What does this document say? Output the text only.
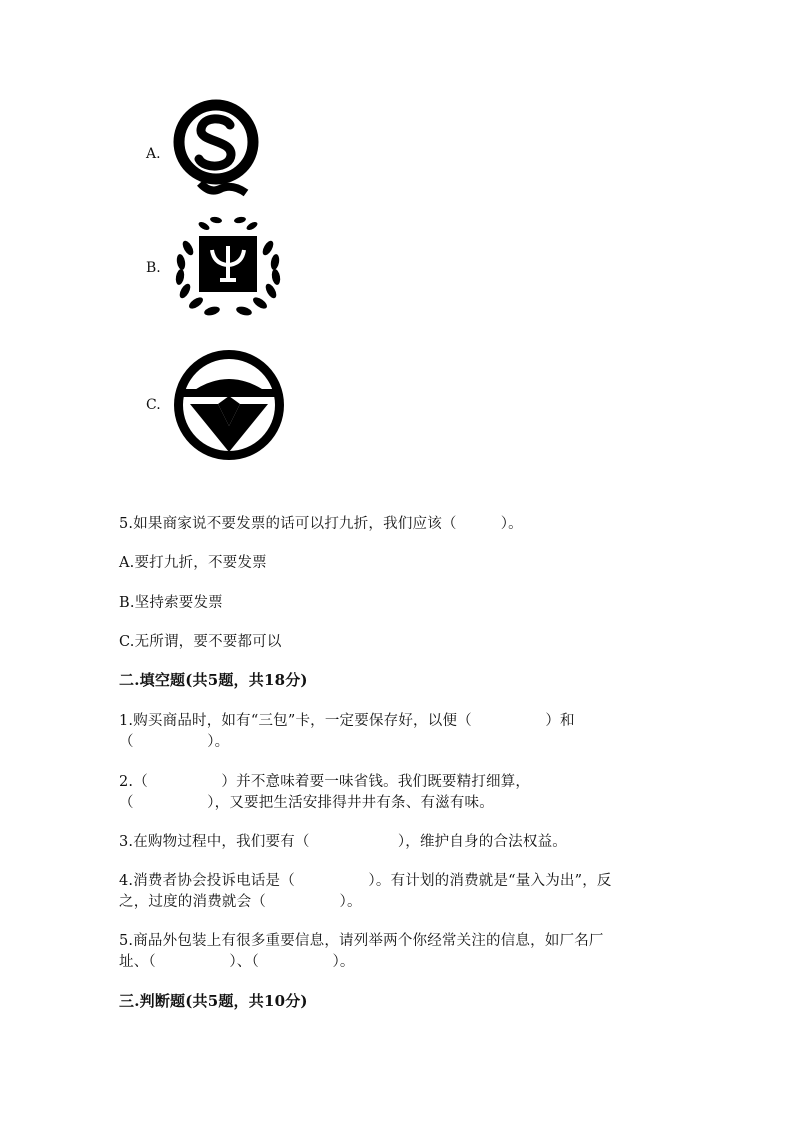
A.
B.
C.
5.如果商家说不要发票的话可以打九折，我们应该（　　　）。
A.要打九折，不要发票
B.坚持索要发票
C.无所谓，要不要都可以
二.填空题(共5题，共18分)
1.购买商品时，如有“三包”卡，一定要保存好，以便（　　　　　）和
（　　　　　）。
2.（　　　　　）并不意味着要一味省钱。我们既要精打细算，
（　　　　　），又要把生活安排得井井有条、有滋有味。
3.在购物过程中，我们要有（　　　　　　），维护自身的合法权益。
4.消费者协会投诉电话是（　　　　　）。有计划的消费就是“量入为出”，反
之，过度的消费就会（　　　　　）。
5.商品外包装上有很多重要信息，请列举两个你经常关注的信息，如厂名厂
址、（　　　　　）、（　　　　　）。
三.判断题(共5题，共10分)
